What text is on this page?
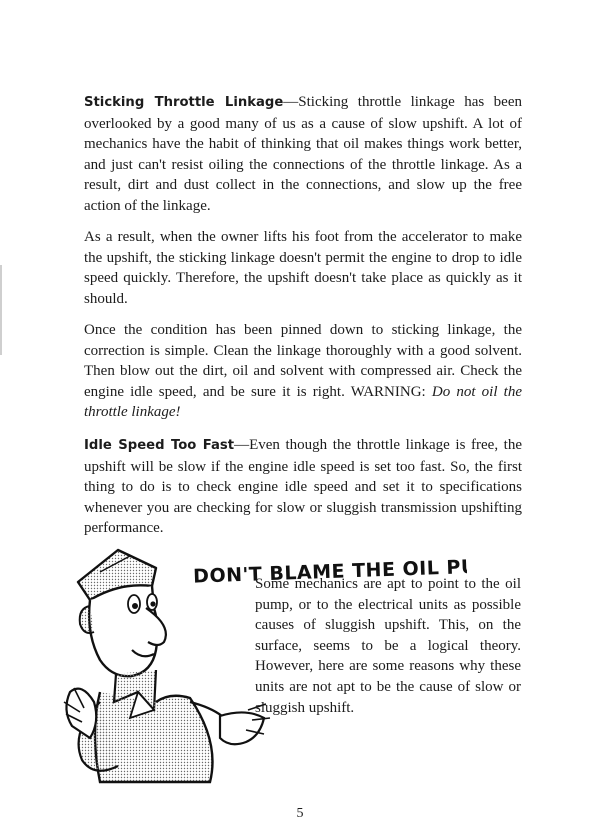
Sticking Throttle Linkage—Sticking throttle linkage has been overlooked by a good many of us as a cause of slow upshift. A lot of mechanics have the habit of thinking that oil makes things work better, and just can't resist oiling the connections of the throttle linkage. As a result, dirt and dust collect in the connections, and slow up the free action of the linkage.

As a result, when the owner lifts his foot from the accelerator to make the upshift, the sticking linkage doesn't permit the engine to drop to idle speed quickly. Therefore, the upshift doesn't take place as quickly as it should.

Once the condition has been pinned down to sticking linkage, the correction is simple. Clean the linkage thoroughly with a good solvent. Then blow out the dirt, oil and solvent with compressed air. Check the engine idle speed, and be sure it is right. WARNING: Do not oil the throttle linkage!

Idle Speed Too Fast—Even though the throttle linkage is free, the upshift will be slow if the engine idle speed is set too fast. So, the first thing to do is to check engine idle speed and set it to specifications whenever you are checking for slow or sluggish transmission upshifting performance.

DON'T BLAME THE OIL PUMP

Some mechanics are apt to point to the oil pump, or to the electrical units as possible causes of sluggish upshift. This, on the surface, seems to be a logical theory. However, here are some reasons why these units are not apt to be the cause of slow or sluggish upshift.

5
